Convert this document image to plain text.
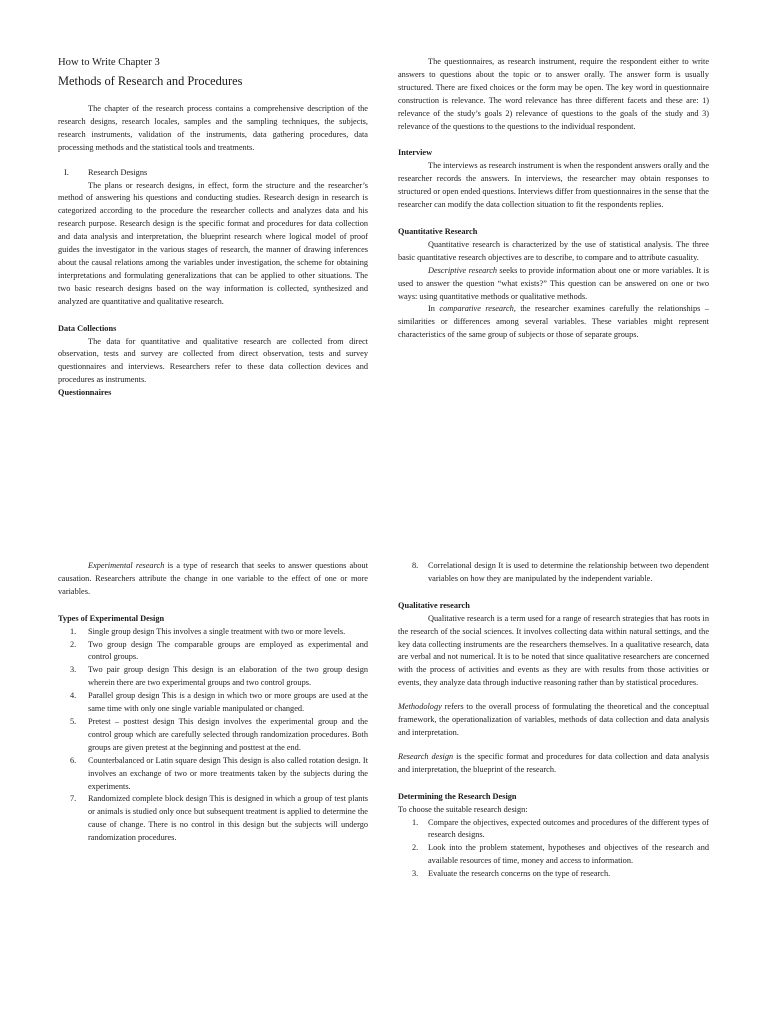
How to Write Chapter 3
Methods of Research and Procedures

The chapter of the research process contains a comprehensive description of the research designs, research locales, samples and the sampling techniques, the subjects, research instruments, validation of the instruments, data gathering procedures, data processing methods and the statistical tools and treatments.

I.	Research Designs

The plans or research designs, in effect, form the structure and the researcher’s method of answering his questions and conducting studies. Research design in research is categorized according to the procedure the researcher collects and analyzes data and his research purpose. Research design is the specific format and procedures for data collection and data analysis and interpretation, the blueprint research where logical model of proof guides the investigator in the various stages of research, the manner of drawing inferences about the causal relations among the variables under investigation, the scheme for obtaining interpretations and formulating generalizations that can be applied to other situations. The two basic research designs based on the way information is collected, synthesized and analyzed are quantitative and qualitative research.

Data Collections

The data for quantitative and qualitative research are collected from direct observation, tests and survey are collected from direct observation, tests and survey questionnaires and interviews. Researchers refer to these data collection devices and procedures as instruments.

Questionnaires

The questionnaires, as research instrument, require the respondent either to write answers to questions about the topic or to answer orally. The answer form is usually structured. There are fixed choices or the form may be open. The key word in questionnaire construction is relevance. The word relevance has three different facets and these are: 1) relevance of the study’s goals 2) relevance of questions to the goals of the study and 3) relevance of the questions to the questions to the individual respondent.

Interview

The interviews as research instrument is when the respondent answers orally and the researcher records the answers. In interviews, the researcher may obtain responses to structured or open ended questions. Interviews differ from questionnaires in the sense that the researcher can modify the data collection situation to fit the respondents replies.

Quantitative Research

Quantitative research is characterized by the use of statistical analysis. The three basic quantitative research objectives are to describe, to compare and to attribute casuality.

Descriptive research seeks to provide information about one or more variables. It is used to answer the question “what exists?” This question can be answered on one or two ways: using quantitative methods or qualitative methods.

In comparative research, the researcher examines carefully the relationships – similarities or differences among several variables. These variables might represent characteristics of the same group of subjects or those of separate groups.

Experimental research is a type of research that seeks to answer questions about causation. Researchers attribute the change in one variable to the effect of one or more variables.

Types of Experimental Design

1. Single group design This involves a single treatment with two or more levels.
2. Two group design The comparable groups are employed as experimental and control groups.
3. Two pair group design This design is an elaboration of the two group design wherein there are two experimental groups and two control groups.
4. Parallel group design This is a design in which two or more groups are used at the same time with only one single variable manipulated or changed.
5. Pretest – posttest design This design involves the experimental group and the control group which are carefully selected through randomization procedures. Both groups are given pretest at the beginning and posttest at the end.
6. Counterbalanced or Latin square design This design is also called rotation design. It involves an exchange of two or more treatments taken by the subjects during the experiments.
7. Randomized complete block design This is designed in which a group of test plants or animals is studied only once but subsequent treatment is applied to determine the cause of change. There is no control in this design but the subjects will undergo randomization procedures.
8. Correlational design It is used to determine the relationship between two dependent variables on how they are manipulated by the independent variable.

Qualitative research

Qualitative research is a term used for a range of research strategies that has roots in the research of the social sciences. It involves collecting data within natural settings, and the key data collecting instruments are the researchers themselves. In a qualitative research, data are verbal and not numerical. It is to be noted that since qualitative researchers are concerned with the process of activities and events as they are with results from those activities or events, they analyze data through inductive reasoning rather than by statistical procedures.

Methodology refers to the overall process of formulating the theoretical and the conceptual framework, the operationalization of variables, methods of data collection and data analysis and interpretation.

Research design is the specific format and procedures for data collection and data analysis and interpretation, the blueprint of the research.

Determining the Research Design

To choose the suitable research design:

1. Compare the objectives, expected outcomes and procedures of the different types of research designs.
2. Look into the problem statement, hypotheses and objectives of the research and available resources of time, money and access to information.
3. Evaluate the research concerns on the type of research.
